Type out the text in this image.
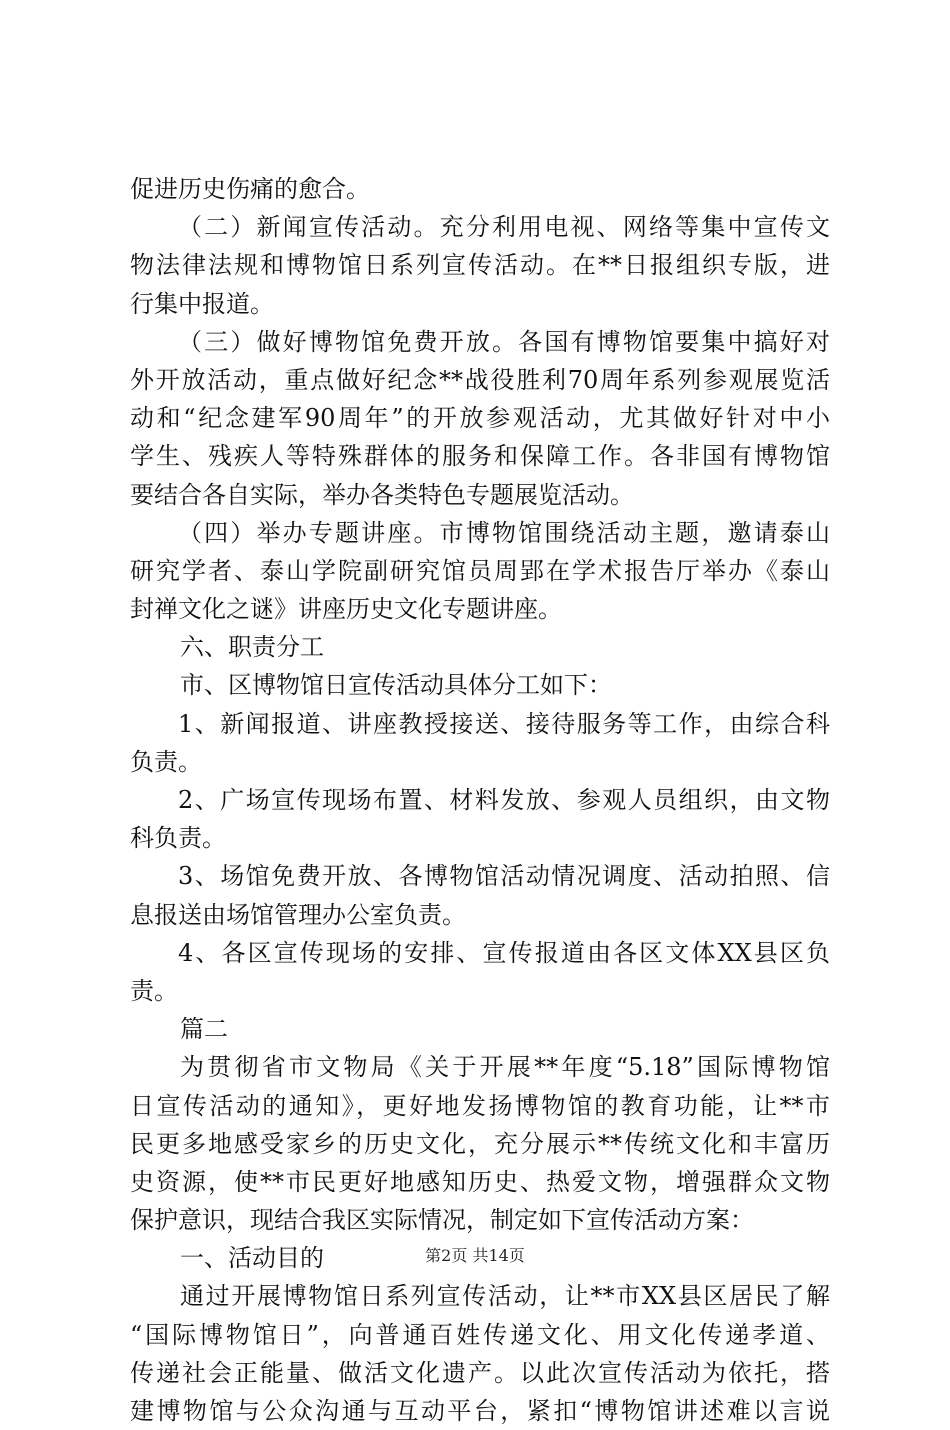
促进历史伤痛的愈合。
（二）新闻宣传活动。充分利用电视、网络等集中宣传文
物法律法规和博物馆日系列宣传活动。在**日报组织专版，进
行集中报道。
（三）做好博物馆免费开放。各国有博物馆要集中搞好对
外开放活动，重点做好纪念**战役胜利70周年系列参观展览活
动和“纪念建军90周年”的开放参观活动，尤其做好针对中小
学生、残疾人等特殊群体的服务和保障工作。各非国有博物馆
要结合各自实际，举办各类特色专题展览活动。
（四）举办专题讲座。市博物馆围绕活动主题，邀请泰山
研究学者、泰山学院副研究馆员周郢在学术报告厅举办《泰山
封禅文化之谜》讲座历史文化专题讲座。
六、职责分工
市、区博物馆日宣传活动具体分工如下：
1、新闻报道、讲座教授接送、接待服务等工作，由综合科
负责。
2、广场宣传现场布置、材料发放、参观人员组织，由文物
科负责。
3、场馆免费开放、各博物馆活动情况调度、活动拍照、信
息报送由场馆管理办公室负责。
4、各区宣传现场的安排、宣传报道由各区文体XX县区负
责。
篇二
为贯彻省市文物局《关于开展**年度“5.18”国际博物馆
日宣传活动的通知》，更好地发扬博物馆的教育功能，让**市
民更多地感受家乡的历史文化，充分展示**传统文化和丰富历
史资源，使**市民更好地感知历史、热爱文物，增强群众文物
保护意识，现结合我区实际情况，制定如下宣传活动方案：
一、活动目的
通过开展博物馆日系列宣传活动，让**市XX县区居民了解
“国际博物馆日”，向普通百姓传递文化、用文化传递孝道、
传递社会正能量、做活文化遗产。以此次宣传活动为依托，搭
建博物馆与公众沟通与互动平台，紧扣“博物馆讲述难以言说
第2页 共14页
